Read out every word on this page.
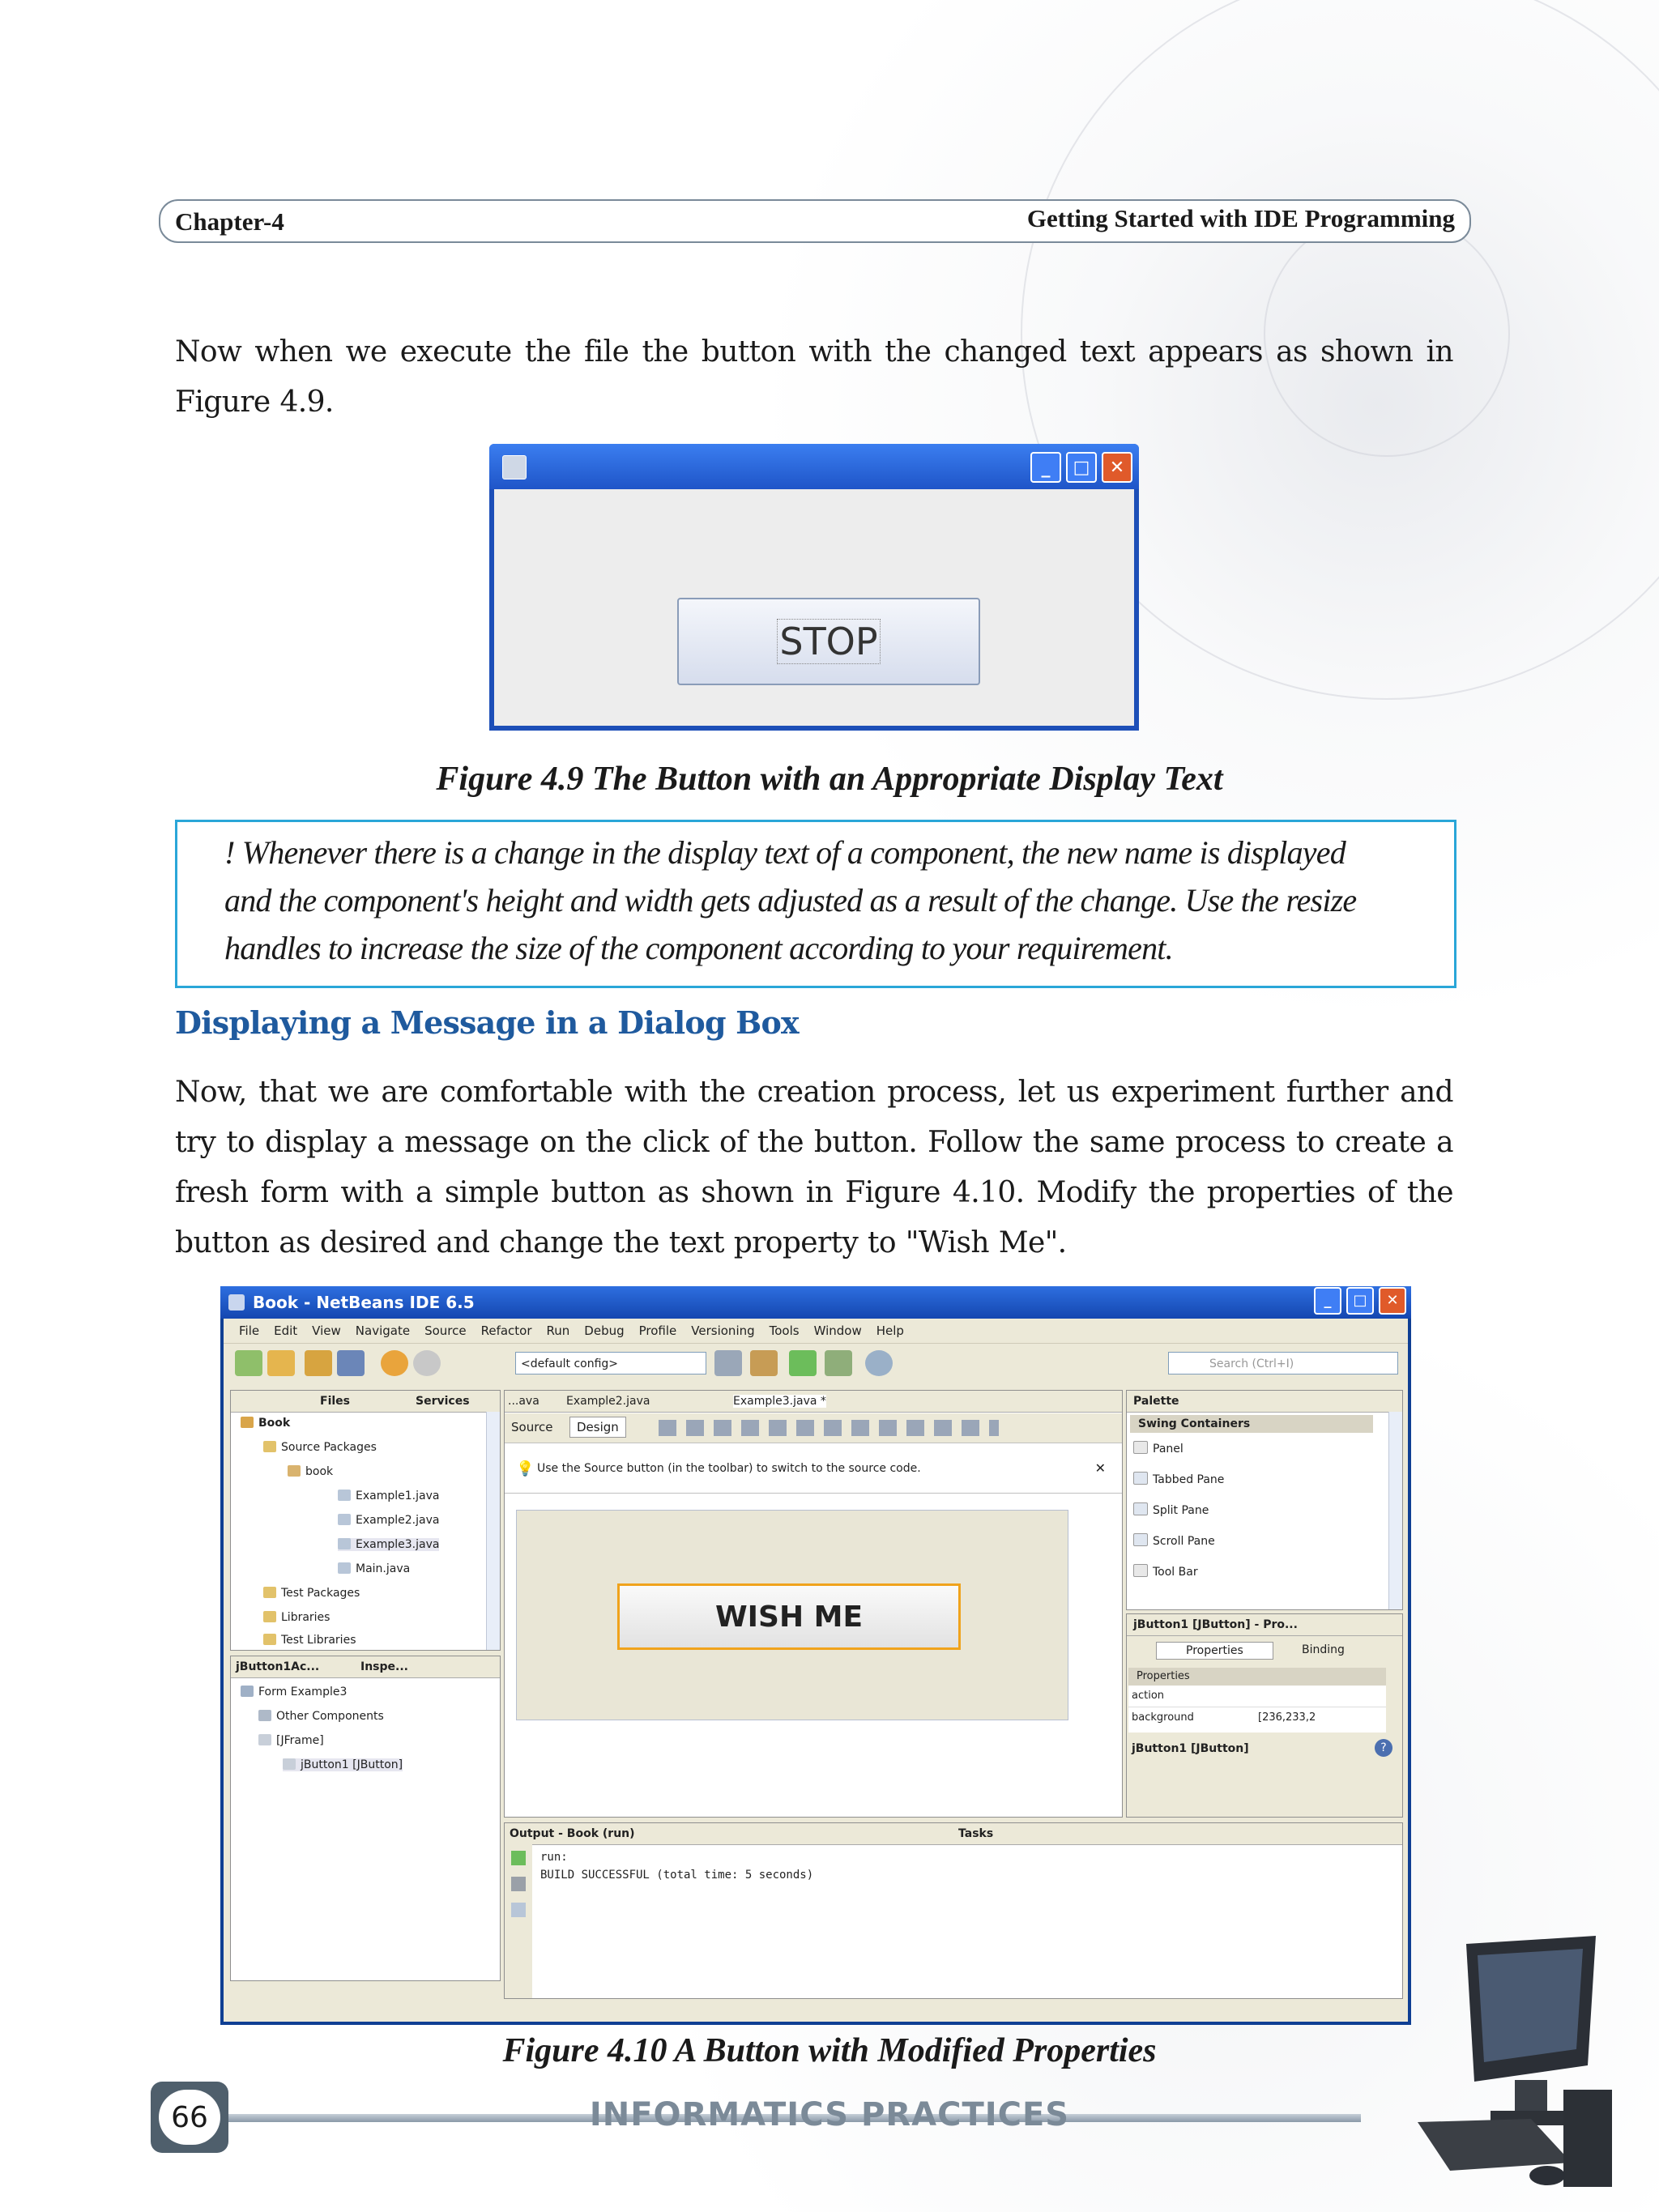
Chapter-4	Getting Started with IDE Programming
Now when we execute the file the button with the changed text appears as shown in Figure 4.9.
_	□	✕
STOP
Figure 4.9 The Button with an Appropriate Display Text
! Whenever there is a change in the display text of a component, the new name is displayed
and the component's height and width gets adjusted as a result of the change. Use the resize
handles to increase the size of the component according to your requirement.
Displaying a Message in a Dialog Box
Now, that we are comfortable with the creation process, let us experiment further and try to display a message on the click of the button. Follow the same process to create a fresh form with a simple button as shown in Figure 4.10. Modify the properties of the button as desired and change the text property to "Wish Me".
Book - NetBeans IDE 6.5	_	□	✕
File	Edit	View	Navigate	Source	Refactor	Run	Debug	Profile	Versioning	Tools	Window	Help
<default config>	Search (Ctrl+I)
Files	Services
Book
Source Packages
book
Example1.java
Example2.java
Example3.java
Main.java
Test Packages
Libraries
Test Libraries
jButton1Ac...	Inspe...
Form Example3
Other Components
[JFrame]
jButton1 [JButton]
...ava Example2.java	Example3.java *
Source	Design
💡 Use the Source button (in the toolbar) to switch to the source code.	✕
WISH ME
Palette
Swing Containers
Panel
Tabbed Pane
Split Pane
Scroll Pane
Tool Bar
jButton1 [JButton] - Pro...
Properties	Binding
Properties
action
background	[236,233,2
jButton1 [JButton]	?
Output - Book (run)	Tasks
run:
BUILD SUCCESSFUL (total time: 5 seconds)
Figure 4.10 A Button with Modified Properties
66	INFORMATICS PRACTICES
